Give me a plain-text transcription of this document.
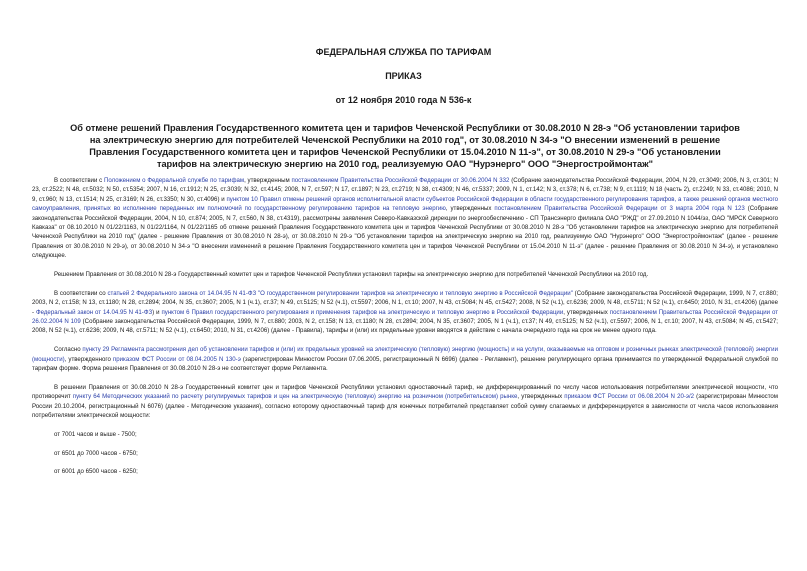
ФЕДЕРАЛЬНАЯ СЛУЖБА ПО ТАРИФАМ
ПРИКАЗ
от 12 ноября 2010 года N 536-к
Об отмене решений Правления Государственного комитета цен и тарифов Чеченской Республики от 30.08.2010 N 28-э "Об установлении тарифов на электрическую энергию для потребителей Чеченской Республики на 2010 год", от 30.08.2010 N 34-э "О внесении изменений в решение Правления Государственного комитета цен и тарифов Чеченской Республики от 15.04.2010 N 11-э", от 30.08.2010 N 29-э "Об установлении тарифов на электрическую энергию на 2010 год, реализуемую ОАО "Нурэнерго" ООО "Энергостроймонтаж"

В соответствии с Положением о Федеральной службе по тарифам, утвержденным постановлением Правительства Российской Федерации от 30.06.2004 N 332 (Собрание законодательства Российской Федерации, 2004, N 29, ст.3049; 2006, N 3, ст.301; N 23, ст.2522; N 48, ст.5032; N 50, ст.5354; 2007, N 16, ст.1912; N 25, ст.3039; N 32, ст.4145; 2008, N 7, ст.597; N 17, ст.1897; N 23, ст.2719; N 38, ст.4309; N 46, ст.5337; 2009, N 1, ст.142; N 3, ст.378; N 6, ст.738; N 9, ст.1119; N 18 (часть 2), ст.2249; N 33, ст.4086; 2010, N 9, ст.960; N 13, ст.1514; N 25, ст.3169; N 26, ст.3350; N 30, ст.4096) и пунктом 10 Правил отмены решений органов исполнительной власти субъектов Российской Федерации в области государственного регулирования тарифов, а также решений органов местного самоуправления, принятых во исполнение переданных им полномочий по государственному регулированию тарифов на тепловую энергию, утвержденных постановлением Правительства Российской Федерации от 3 марта 2004 года N 123 (Собрание законодательства Российской Федерации, 2004, N 10, ст.874; 2005, N 7, ст.560, N 38, ст.4319), рассмотрены заявления Северо-Кавказской дирекции по энергообеспечению - СП Трансэнерго филиала ОАО "РЖД" от 27.09.2010 N 1044/эз, ОАО "МРСК Северного Кавказа" от 08.10.2010 N 01/22/1163, N 01/22/1164, N 01/22/1165 об отмене решений Правления Государственного комитета цен и тарифов Чеченской Республики от 30.08.2010 N 28-э "Об установлении тарифов на электрическую энергию для потребителей Чеченской Республики на 2010 год" (далее - решение Правления от 30.08.2010 N 28-э), от 30.08.2010 N 29-э "Об установлении тарифов на электрическую энергию на 2010 год, реализуемую ОАО "Нурэнерго" ООО "Энергостроймонтаж" (далее - решение Правления от 30.08.2010 N 29-э), от 30.08.2010 N 34-э "О внесении изменений в решение Правления Государственного комитета цен и тарифов Чеченской Республики от 15.04.2010 N 11-э" (далее - решение Правления от 30.08.2010 N 34-э), и установлено следующее.

Решением Правления от 30.08.2010 N 28-э Государственный комитет цен и тарифов Чеченской Республики установил тарифы на электрическую энергию для потребителей Чеченской Республики на 2010 год.

В соответствии со статьей 2 Федерального закона от 14.04.95 N 41-ФЗ "О государственном регулировании тарифов на электрическую и тепловую энергию в Российской Федерации" (Собрание законодательства Российской Федерации, 1999, N 7, ст.880; 2003, N 2, ст.158; N 13, ст.1180; N 28, ст.2894; 2004, N 35, ст.3607; 2005, N 1 (ч.1), ст.37; N 49, ст.5125; N 52 (ч.1), ст.5597; 2006, N 1, ст.10; 2007, N 43, ст.5084; N 45, ст.5427; 2008, N 52 (ч.1), ст.6236; 2009, N 48, ст.5711; N 52 (ч.1), ст.6450; 2010, N 31, ст.4206) (далее - Федеральный закон от 14.04.95 N 41-ФЗ) и пунктом 6 Правил государственного регулирования и применения тарифов на электрическую и тепловую энергию в Российской Федерации, утвержденных постановлением Правительства Российской Федерации от 26.02.2004 N 109 (Собрание законодательства Российской Федерации, 1999, N 7, ст.880; 2003, N 2, ст.158; N 13, ст.1180; N 28, ст.2894; 2004, N 35, ст.3607; 2005, N 1 (ч.1), ст.37; N 49, ст.5125; N 52 (ч.1), ст.5597; 2006, N 1, ст.10; 2007, N 43, ст.5084; N 45, ст.5427; 2008, N 52 (ч.1), ст.6236; 2009, N 48, ст.5711; N 52 (ч.1), ст.6450; 2010, N 31, ст.4206) (далее - Правила), тарифы и (или) их предельные уровни вводятся в действие с начала очередного года на срок не менее одного года.

Согласно пункту 29 Регламента рассмотрения дел об установлении тарифов и (или) их предельных уровней на электрическую (тепловую) энергию (мощность) и на услуги, оказываемые на оптовом и розничных рынках электрической (тепловой) энергии (мощности), утвержденного приказом ФСТ России от 08.04.2005 N 130-э (зарегистрирован Минюстом России 07.06.2005, регистрационный N 6696) (далее - Регламент), решение регулирующего органа принимается по утвержденной Федеральной службой по тарифам форме. Форма решения Правления от 30.08.2010 N 28-э не соответствует форме Регламента.

В решении Правления от 30.08.2010 N 28-э Государственный комитет цен и тарифов Чеченской Республики установил одноставочный тариф, не дифференцированный по числу часов использования потребителями электрической мощности, что противоречит пункту 64 Методических указаний по расчету регулируемых тарифов и цен на электрическую (тепловую) энергию на розничном (потребительском) рынке, утвержденных приказом ФСТ России от 06.08.2004 N 20-э/2 (зарегистрирован Минюстом России 20.10.2004, регистрационный N 6076) (далее - Методические указания), согласно которому одноставочный тариф для конечных потребителей представляет собой сумму слагаемых и дифференцируется в зависимости от числа часов использования потребителями электрической мощности:

от 7001 часов и выше - 7500;

от 6501 до 7000 часов - 6750;

от 6001 до 6500 часов - 6250;
